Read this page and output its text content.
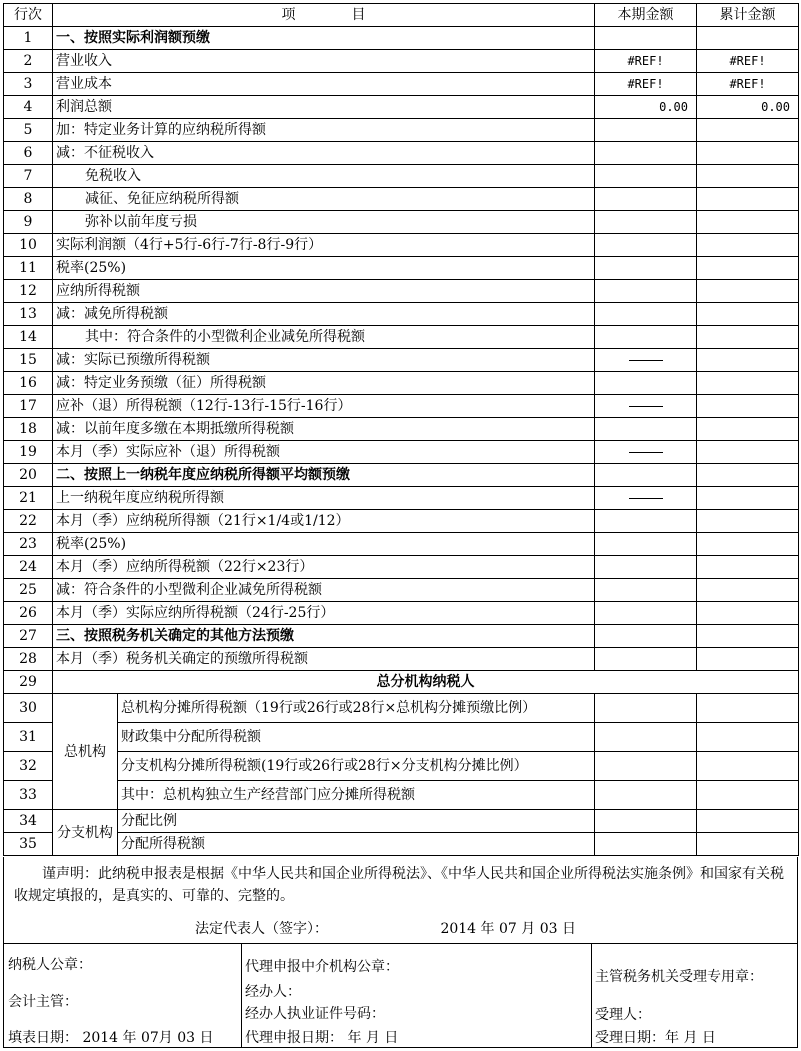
行次	项　　　　目		本期金额	累计金额
1	一、按照实际利润额预缴			
2	营业收入		#REF!	#REF!
3	营业成本		#REF!	#REF!
4	利润总额		0.00	0.00
5	加：特定业务计算的应纳税所得额			
6	减：不征税收入			
7	免税收入			
8	减征、免征应纳税所得额			
9	弥补以前年度亏损			
10	实际利润额（4行+5行-6行-7行-8行-9行）			
11	税率(25%)			
12	应纳所得税额			
13	减：减免所得税额			
14	其中：符合条件的小型微利企业减免所得税额			
15	减：实际已预缴所得税额			
16	减：特定业务预缴（征）所得税额			
17	应补（退）所得税额（12行-13行-15行-16行）			
18	减：以前年度多缴在本期抵缴所得税额			
19	本月（季）实际应补（退）所得税额			
20	二、按照上一纳税年度应纳税所得额平均额预缴			
21	上一纳税年度应纳税所得额			
22	本月（季）应纳税所得额（21行×1/4或1/12）			
23	税率(25%)			
24	本月（季）应纳所得税额（22行×23行）			
25	减：符合条件的小型微利企业减免所得税额			
26	本月（季）实际应纳所得税额（24行-25行）			
27	三、按照税务机关确定的其他方法预缴			
28	本月（季）税务机关确定的预缴所得税额			
29	总分机构纳税人			
30	总机构	总机构分摊所得税额（19行或26行或28行×总机构分摊预缴比例）		
31		财政集中分配所得税额		
32		分支机构分摊所得税额(19行或26行或28行×分支机构分摊比例）		
33		其中：总机构独立生产经营部门应分摊所得税额		
34	分支机构	分配比例		
35		分配所得税额		

谨声明：此纳税申报表是根据《中华人民共和国企业所得税法》、《中华人民共和国企业所得税法实施条例》和国家有关税收规定填报的，是真实的、可靠的、完整的。

法定代表人（签字）：	2014 年 07 月 03 日
纳税人公章：
会计主管：
填表日期： 2014 年 07月 03 日
代理申报中介机构公章：
经办人：
经办人执业证件号码：
代理申报日期： 年 月 日
主管税务机关受理专用章：
受理人：
受理日期：年 月 日
